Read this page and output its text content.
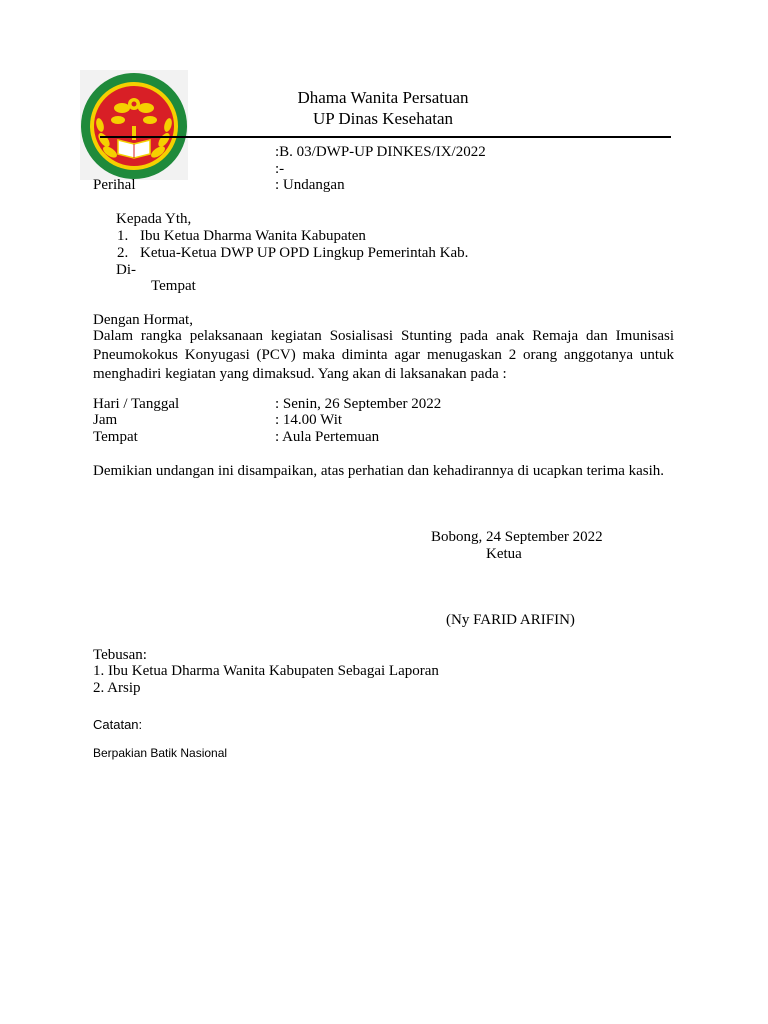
Dhama Wanita Persatuan
UP Dinas Kesehatan
:B. 03/DWP-UP DINKES/IX/2022
:-
Perihal	: Undangan
Kepada Yth,
1. Ibu Ketua Dharma Wanita Kabupaten
2. Ketua-Ketua DWP UP OPD Lingkup Pemerintah Kab.
Di-
Tempat
Dengan Hormat,
Dalam rangka pelaksanaan kegiatan Sosialisasi Stunting pada anak Remaja dan Imunisasi Pneumokokus Konyugasi (PCV) maka diminta agar menugaskan 2 orang anggotanya untuk menghadiri kegiatan yang dimaksud. Yang akan di laksanakan pada :
Hari / Tanggal	: Senin, 26 September 2022
Jam	: 14.00 Wit
Tempat	: Aula Pertemuan
Demikian undangan ini disampaikan, atas perhatian dan kehadirannya di ucapkan terima kasih.
Bobong, 24 September 2022
Ketua
(Ny FARID ARIFIN)
Tebusan:
1. Ibu Ketua Dharma Wanita Kabupaten Sebagai Laporan
2. Arsip
Catatan:
Berpakian Batik Nasional
